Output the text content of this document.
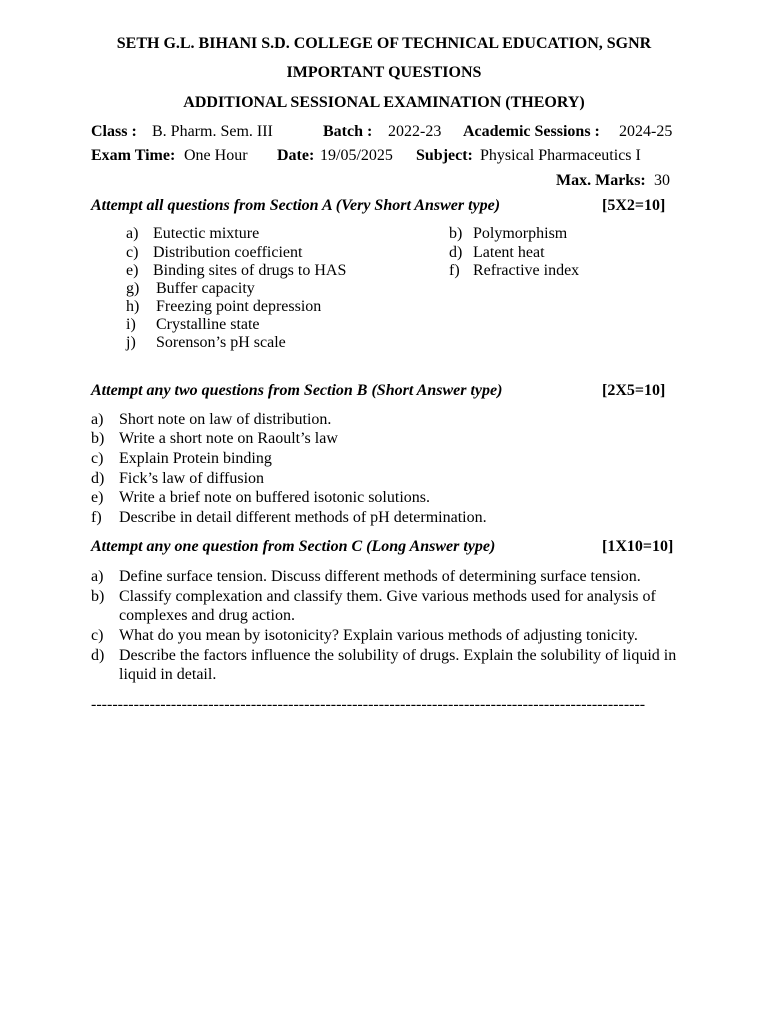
SETH G.L. BIHANI S.D. COLLEGE OF TECHNICAL EDUCATION, SGNR
IMPORTANT QUESTIONS
ADDITIONAL SESSIONAL EXAMINATION (THEORY)
Class : B. Pharm. Sem. III	Batch : 2022-23 Academic Sessions : 2024-25
Exam Time: One Hour Date: 19/05/2025 Subject: Physical Pharmaceutics I
Max. Marks: 30
Attempt all questions from Section A (Very Short Answer type)	[5X2=10]
a) Eutectic mixture	b) Polymorphism
c) Distribution coefficient	d) Latent heat
e) Binding sites of drugs to HAS	f) Refractive index
g) Buffer capacity
h) Freezing point depression
i) Crystalline state
j) Sorenson’s pH scale
Attempt any two questions from Section B (Short Answer type)	[2X5=10]
a) Short note on law of distribution.
b) Write a short note on Raoult’s law
c) Explain Protein binding
d) Fick’s law of diffusion
e) Write a brief note on buffered isotonic solutions.
f) Describe in detail different methods of pH determination.
Attempt any one question from Section C (Long Answer type)	[1X10=10]
a) Define surface tension. Discuss different methods of determining surface tension.
b) Classify complexation and classify them. Give various methods used for analysis of complexes and drug action.
c) What do you mean by isotonicity? Explain various methods of adjusting tonicity.
d) Describe the factors influence the solubility of drugs. Explain the solubility of liquid in liquid in detail.
--------------------------------------------------------------------------------------------------------
